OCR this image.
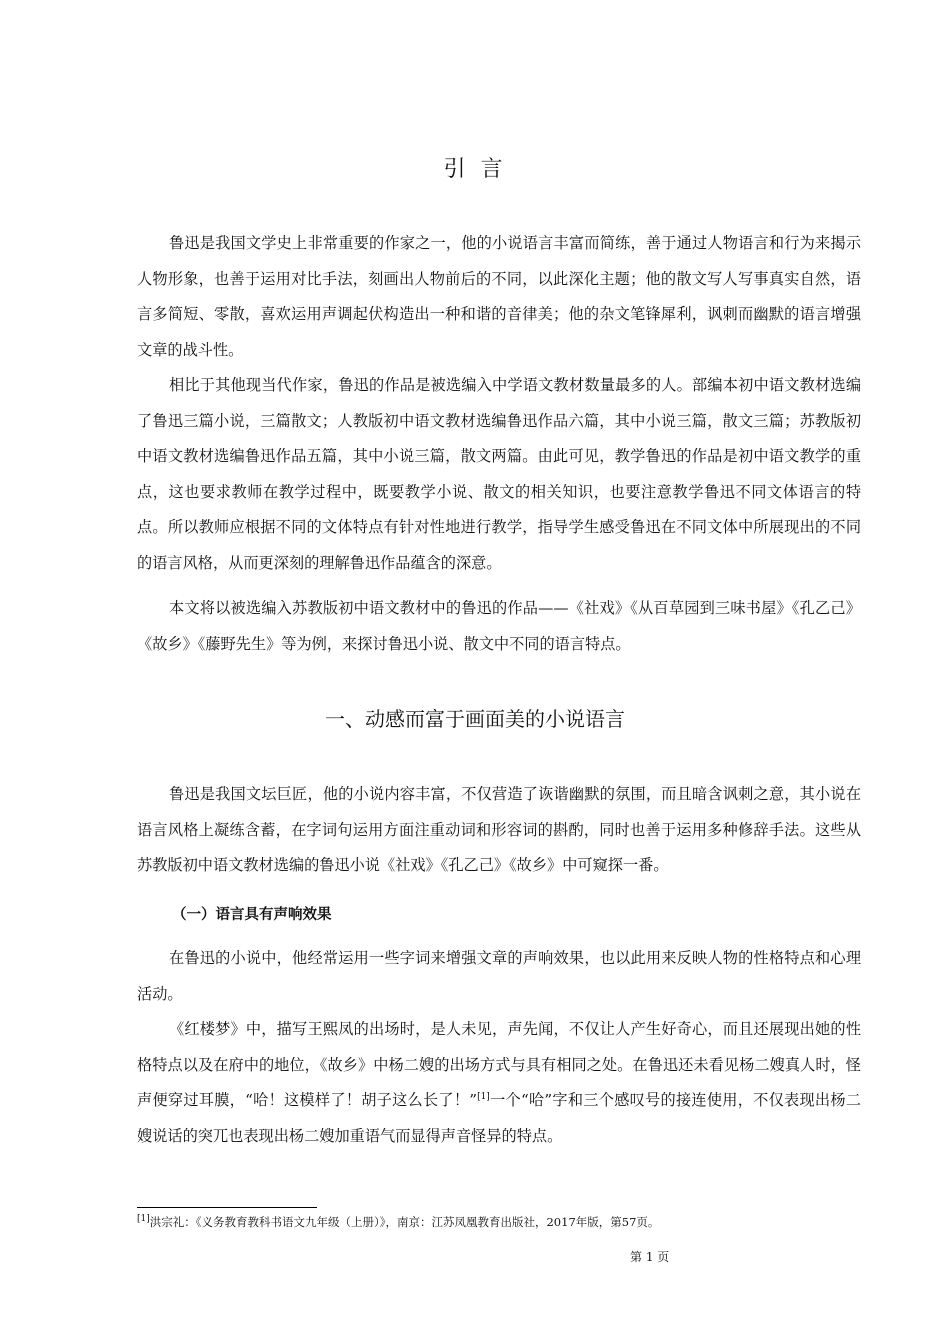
引 言

鲁迅是我国文学史上非常重要的作家之一，他的小说语言丰富而简练，善于通过人物语言和行为来揭示人物形象，也善于运用对比手法，刻画出人物前后的不同，以此深化主题；他的散文写人写事真实自然，语言多简短、零散，喜欢运用声调起伏构造出一种和谐的音律美；他的杂文笔锋犀利，讽刺而幽默的语言增强文章的战斗性。

相比于其他现当代作家，鲁迅的作品是被选编入中学语文教材数量最多的人。部编本初中语文教材选编了鲁迅三篇小说，三篇散文；人教版初中语文教材选编鲁迅作品六篇，其中小说三篇，散文三篇；苏教版初中语文教材选编鲁迅作品五篇，其中小说三篇，散文两篇。由此可见，教学鲁迅的作品是初中语文教学的重点，这也要求教师在教学过程中，既要教学小说、散文的相关知识，也要注意教学鲁迅不同文体语言的特点。所以教师应根据不同的文体特点有针对性地进行教学，指导学生感受鲁迅在不同文体中所展现出的不同的语言风格，从而更深刻的理解鲁迅作品蕴含的深意。

本文将以被选编入苏教版初中语文教材中的鲁迅的作品——《社戏》《从百草园到三味书屋》《孔乙己》《故乡》《藤野先生》等为例，来探讨鲁迅小说、散文中不同的语言特点。

一、动感而富于画面美的小说语言

鲁迅是我国文坛巨匠，他的小说内容丰富，不仅营造了诙谐幽默的氛围，而且暗含讽刺之意，其小说在语言风格上凝练含蓄，在字词句运用方面注重动词和形容词的斟酌，同时也善于运用多种修辞手法。这些从苏教版初中语文教材选编的鲁迅小说《社戏》《孔乙己》《故乡》中可窥探一番。

（一）语言具有声响效果

在鲁迅的小说中，他经常运用一些字词来增强文章的声响效果，也以此用来反映人物的性格特点和心理活动。

《红楼梦》中，描写王熙凤的出场时，是人未见，声先闻，不仅让人产生好奇心，而且还展现出她的性格特点以及在府中的地位，《故乡》中杨二嫂的出场方式与具有相同之处。在鲁迅还未看见杨二嫂真人时，怪声便穿过耳膜，“哈！这模样了！胡子这么长了！”[1]一个“哈”字和三个感叹号的接连使用，不仅表现出杨二嫂说话的突兀也表现出杨二嫂加重语气而显得声音怪异的特点。

[1]洪宗礼：《义务教育教科书语文九年级（上册）》，南京：江苏凤凰教育出版社，2017年版，第57页。
第 1 页
